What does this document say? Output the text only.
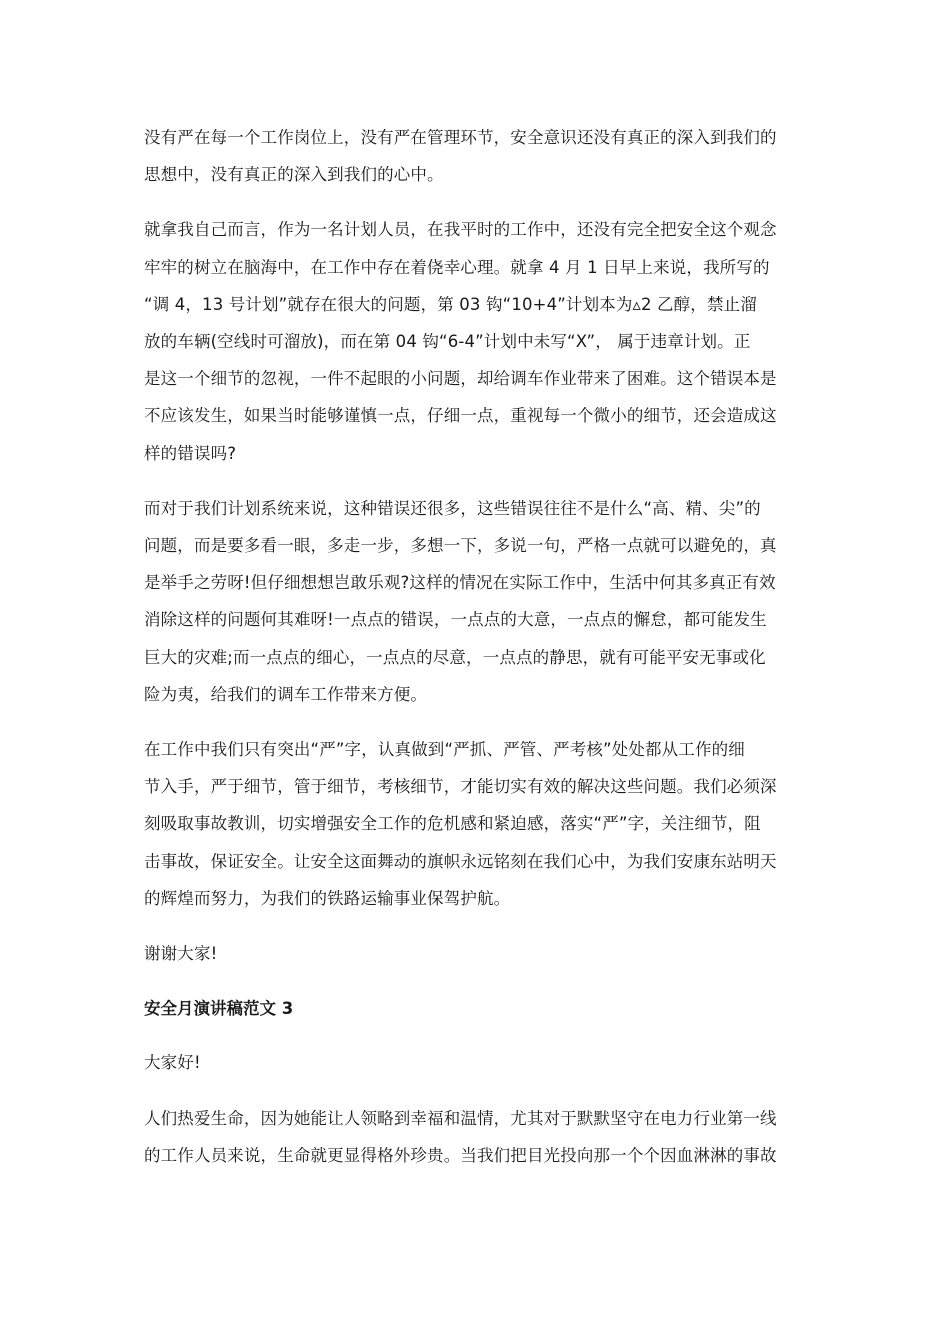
没有严在每一个工作岗位上，没有严在管理环节，安全意识还没有真正的深入到我们的
思想中，没有真正的深入到我们的心中。

就拿我自己而言，作为一名计划人员，在我平时的工作中，还没有完全把安全这个观念
牢牢的树立在脑海中，在工作中存在着侥幸心理。就拿 4 月 1 日早上来说，我所写的
“调 4，13 号计划”就存在很大的问题，第 03 钩“10+4”计划本为▵2 乙醇，禁止溜
放的车辆(空线时可溜放)，而在第 04 钩“6-4”计划中未写“X”， 属于违章计划。正
是这一个细节的忽视，一件不起眼的小问题，却给调车作业带来了困难。这个错误本是
不应该发生，如果当时能够谨慎一点，仔细一点，重视每一个微小的细节，还会造成这
样的错误吗?

而对于我们计划系统来说，这种错误还很多，这些错误往往不是什么“高、精、尖”的
问题，而是要多看一眼，多走一步，多想一下，多说一句，严格一点就可以避免的，真
是举手之劳呀!但仔细想想岂敢乐观?这样的情况在实际工作中，生活中何其多真正有效
消除这样的问题何其难呀!一点点的错误，一点点的大意，一点点的懈怠，都可能发生
巨大的灾难;而一点点的细心，一点点的尽意，一点点的静思，就有可能平安无事或化
险为夷，给我们的调车工作带来方便。

在工作中我们只有突出“严”字，认真做到“严抓、严管、严考核”处处都从工作的细
节入手，严于细节，管于细节，考核细节，才能切实有效的解决这些问题。我们必须深
刻吸取事故教训，切实增强安全工作的危机感和紧迫感，落实“严”字，关注细节，阻
击事故，保证安全。让安全这面舞动的旗帜永远铭刻在我们心中，为我们安康东站明天
的辉煌而努力，为我们的铁路运输事业保驾护航。

谢谢大家!

安全月演讲稿范文 3

大家好!

人们热爱生命，因为她能让人领略到幸福和温情，尤其对于默默坚守在电力行业第一线
的工作人员来说，生命就更显得格外珍贵。当我们把目光投向那一个个因血淋淋的事故
